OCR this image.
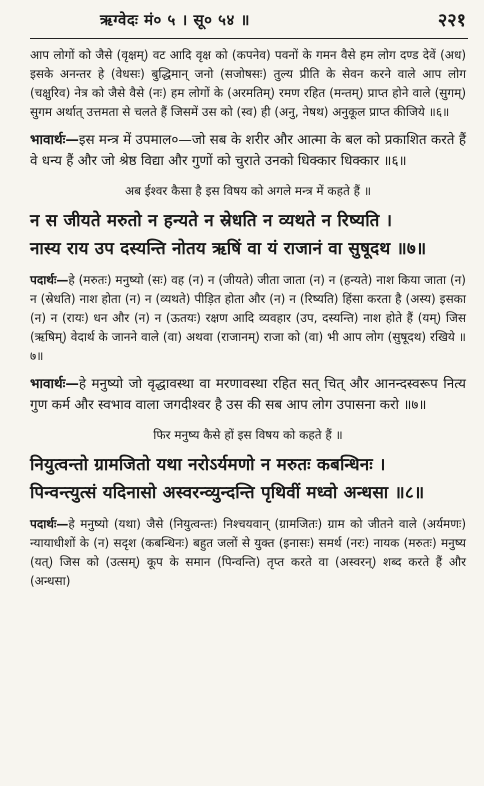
ऋग्वेदः मं० ५ । सू० ५४ ॥	२२१

आप लोगों को जैसे (वृक्षम्) वट आदि वृक्ष को (कपनेव) पवनों के गमन वैसे हम लोग दण्ड देवें (अध) इसके अनन्तर हे (वेधसः) बुद्धिमान् जनो (सजोषसः) तुल्य प्रीति के सेवन करने वाले आप लोग (चक्षुरिव) नेत्र को जैसे वैसे (नः) हम लोगों के (अरमतिम्) रमण रहित (मन्तम्) प्राप्त होने वाले (सुगम्) सुगम अर्थात् उत्तमता से चलते हैं जिसमें उस को (स्व) ही (अनु, नेषथ) अनुकूल प्राप्त कीजिये ॥६॥

भावार्थः—इस मन्त्र में उपमाल०—जो सब के शरीर और आत्मा के बल को प्रकाशित करते हैं वे धन्य हैं और जो श्रेष्ठ विद्या और गुणों को चुराते उनको धिक्कार धिक्कार ॥६॥

अब ईश्वर कैसा है इस विषय को अगले मन्त्र में कहते हैं ॥

न स जीयते मरुतो न हन्यते न स्रेधति न व्यथते न रिष्यति ।

नास्य राय उप दस्यन्ति नोतय ऋषिं वा यं राजानं वा सुषूदथ ॥७॥

पदार्थः—हे (मरुतः) मनुष्यो (सः) वह (न) न (जीयते) जीता जाता (न) न (हन्यते) नाश किया जाता (न) न (स्रेधति) नाश होता (न) न (व्यथते) पीड़ित होता और (न) न (रिष्यति) हिंसा करता है (अस्य) इसका (न) न (रायः) धन और (न) न (ऊतयः) रक्षण आदि व्यवहार (उप, दस्यन्ति) नाश होते हैं (यम्) जिस (ऋषिम्) वेदार्थ के जानने वाले (वा) अथवा (राजानम्) राजा को (वा) भी आप लोग (सुषूदथ) रखिये ॥७॥

भावार्थः—हे मनुष्यो जो वृद्धावस्था वा मरणावस्था रहित सत् चित् और आनन्दस्वरूप नित्य गुण कर्म और स्वभाव वाला जगदीश्वर है उस की सब आप लोग उपासना करो ॥७॥

फिर मनुष्य कैसे हों इस विषय को कहते हैं ॥

नियुत्वन्तो ग्रामजितो यथा नरोऽर्यमणो न मरुतः कबन्धिनः ।

पिन्वन्त्युत्सं यदिनासो अस्वरन्व्युन्दन्ति पृथिवीं मध्वो अन्धसा ॥८॥

पदार्थः—हे मनुष्यो (यथा) जैसे (नियुत्वन्तः) निश्चयवान् (ग्रामजितः) ग्राम को जीतने वाले (अर्यमणः) न्यायाधीशों के (न) सदृश (कबन्धिनः) बहुत जलों से युक्त (इनासः) समर्थ (नरः) नायक (मरुतः) मनुष्य (यत्) जिस को (उत्सम्) कूप के समान (पिन्वन्ति) तृप्त करते वा (अस्वरन्) शब्द करते हैं और (अन्धसा)
